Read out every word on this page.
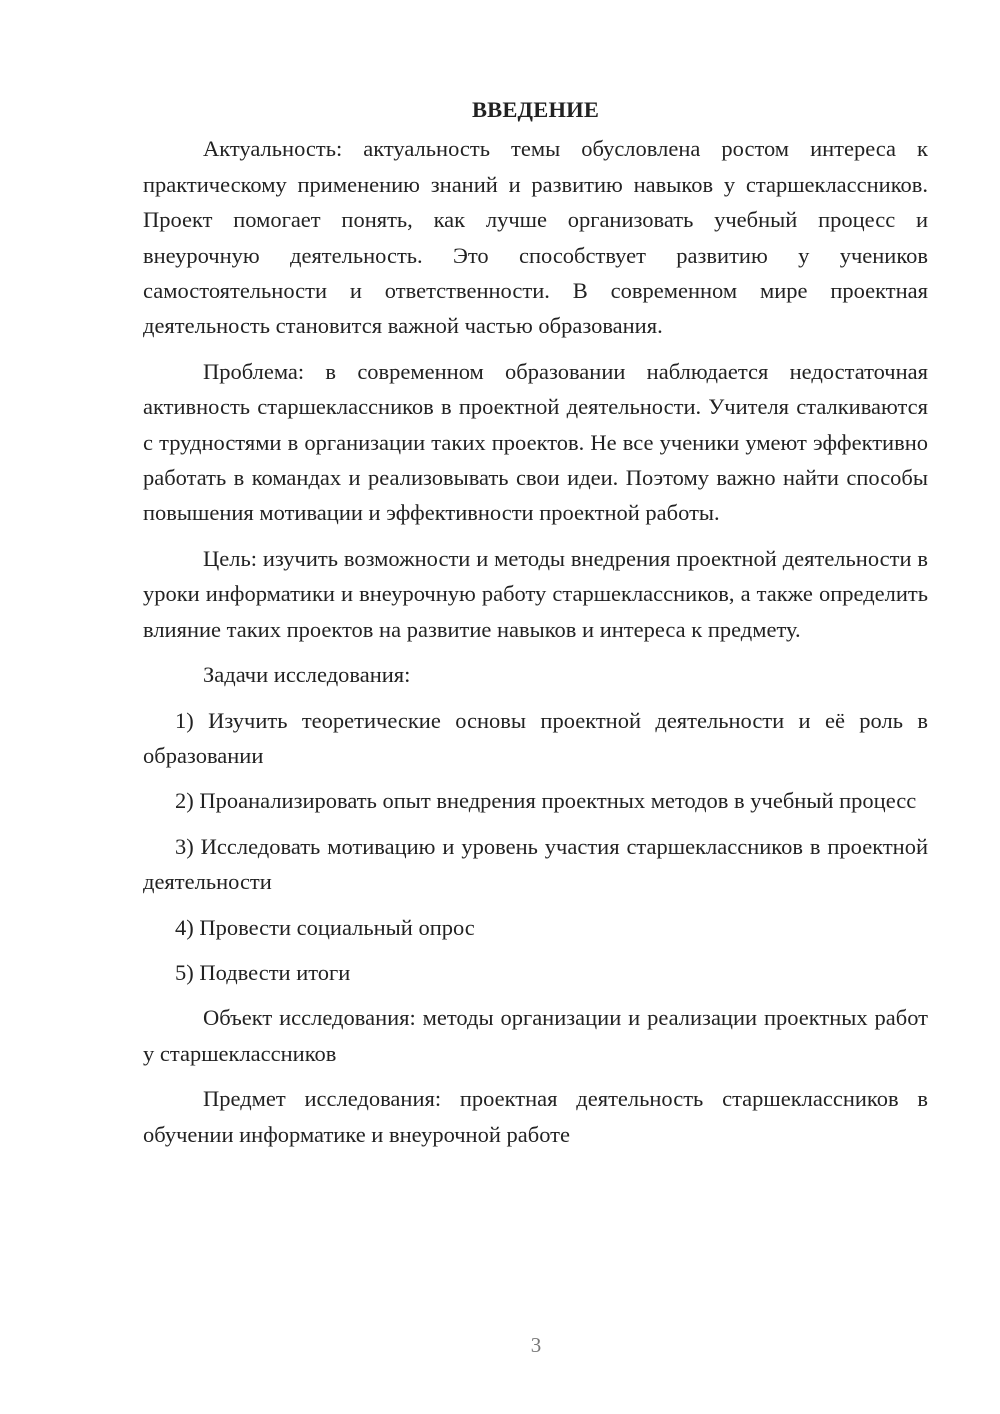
ВВЕДЕНИЕ

Актуальность: актуальность темы обусловлена ростом интереса к практическому применению знаний и развитию навыков у старшеклассников. Проект помогает понять, как лучше организовать учебный процесс и внеурочную деятельность. Это способствует развитию у учеников самостоятельности и ответственности. В современном мире проектная деятельность становится важной частью образования.

Проблема: в современном образовании наблюдается недостаточная активность старшеклассников в проектной деятельности. Учителя сталкиваются с трудностями в организации таких проектов. Не все ученики умеют эффективно работать в командах и реализовывать свои идеи. Поэтому важно найти способы повышения мотивации и эффективности проектной работы.

Цель: изучить возможности и методы внедрения проектной деятельности в уроки информатики и внеурочную работу старшеклассников, а также определить влияние таких проектов на развитие навыков и интереса к предмету.

Задачи исследования:

1) Изучить теоретические основы проектной деятельности и её роль в образовании

2) Проанализировать опыт внедрения проектных методов в учебный процесс

3) Исследовать мотивацию и уровень участия старшеклассников в проектной деятельности

4) Провести социальный опрос

5) Подвести итоги

Объект исследования: методы организации и реализации проектных работ у старшеклассников

Предмет исследования: проектная деятельность старшеклассников в обучении информатике и внеурочной работе

3
